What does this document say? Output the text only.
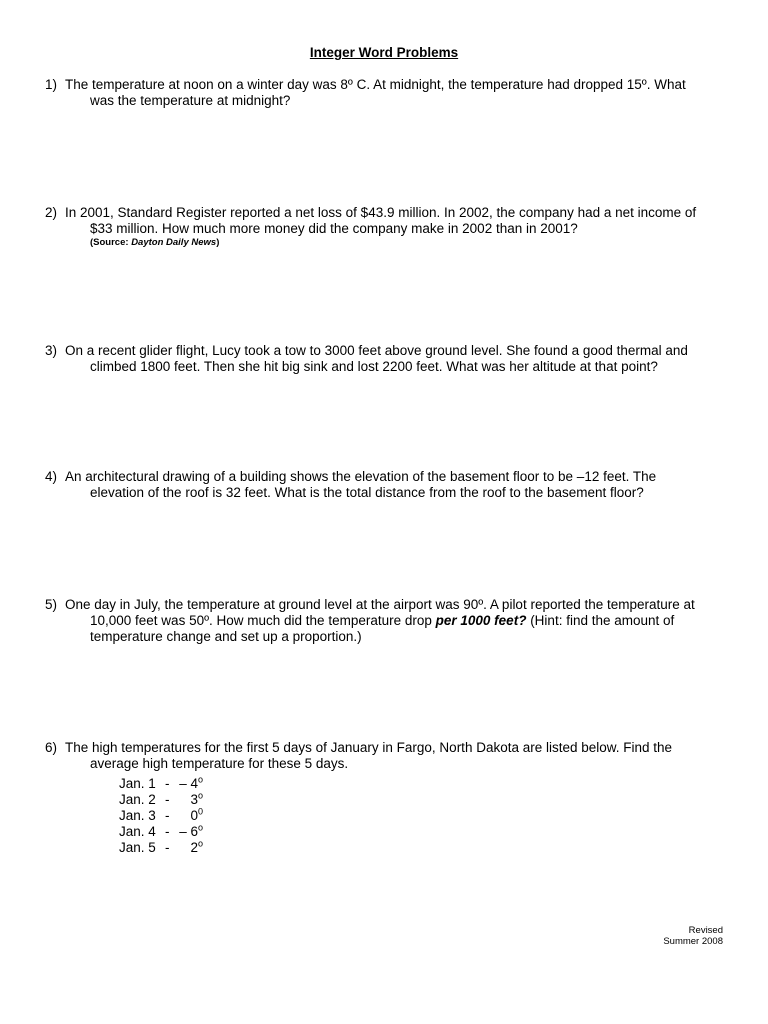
Integer Word Problems
1) The temperature at noon on a winter day was 8º C. At midnight, the temperature had dropped 15º. What
was the temperature at midnight?
2) In 2001, Standard Register reported a net loss of $43.9 million. In 2002, the company had a net income of
$33 million. How much more money did the company make in 2002 than in 2001?
(Source: Dayton Daily News)
3) On a recent glider flight, Lucy took a tow to 3000 feet above ground level. She found a good thermal and
climbed 1800 feet. Then she hit big sink and lost 2200 feet. What was her altitude at that point?
4) An architectural drawing of a building shows the elevation of the basement floor to be –12 feet. The
elevation of the roof is 32 feet. What is the total distance from the roof to the basement floor?
5) One day in July, the temperature at ground level at the airport was 90º. A pilot reported the temperature at
10,000 feet was 50º. How much did the temperature drop per 1000 feet? (Hint: find the amount of
temperature change and set up a proportion.)
6) The high temperatures for the first 5 days of January in Fargo, North Dakota are listed below. Find the
average high temperature for these 5 days.
Jan. 1 - – 4$^o$
Jan. 2 - 3$^o$
Jan. $3 - 0^0$
Jan. 4 - – 6$^o$
Jan. 5 - 2$^o$
Revised
Summer 2008
